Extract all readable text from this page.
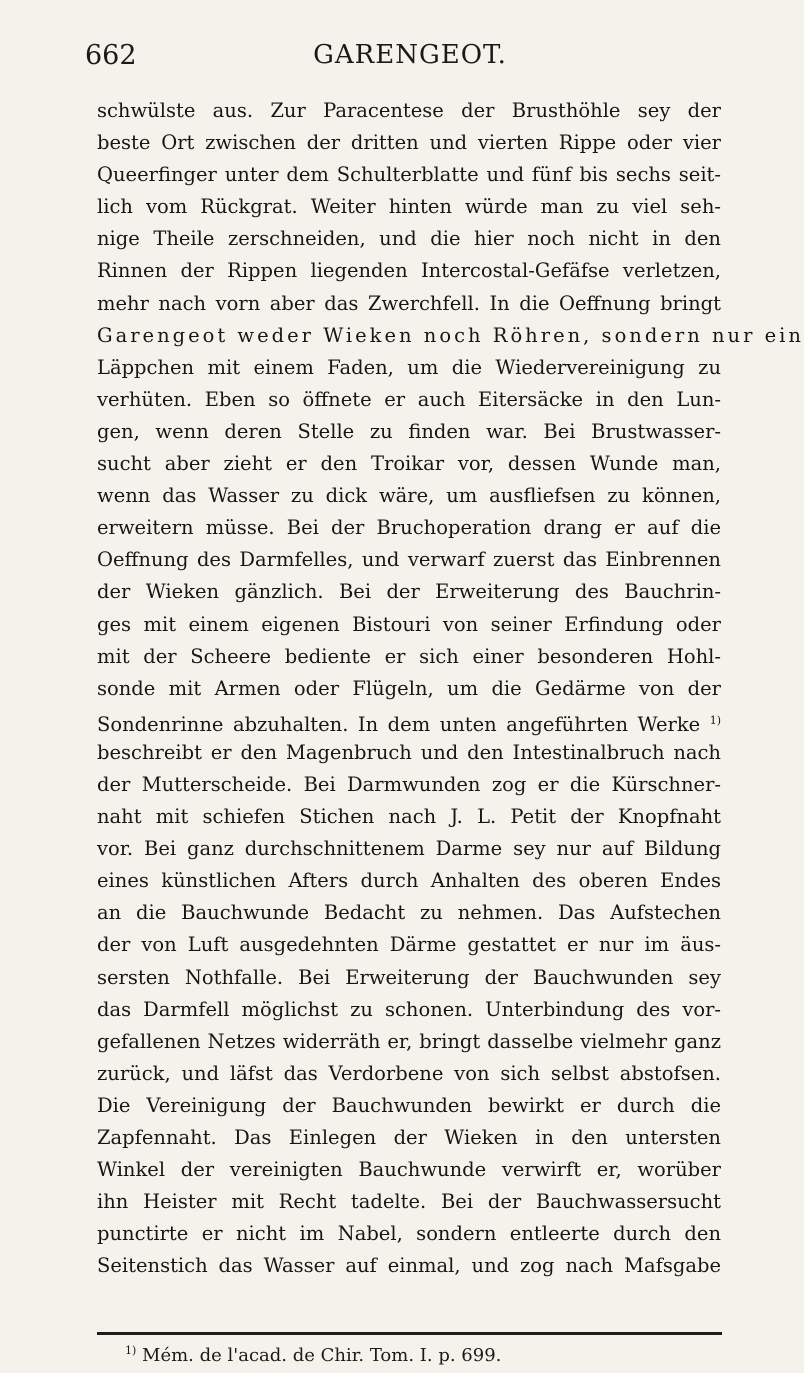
662	GARENGEOT.
schwülste aus. Zur Paracentese der Brusthöhle sey der
beste Ort zwischen der dritten und vierten Rippe oder vier
Queerfinger unter dem Schulterblatte und fünf bis sechs seit-
lich vom Rückgrat. Weiter hinten würde man zu viel seh-
nige Theile zerschneiden, und die hier noch nicht in den
Rinnen der Rippen liegenden Intercostal-Gefäfse verletzen,
mehr nach vorn aber das Zwerchfell. In die Oeffnung bringt
Garengeot weder Wieken noch Röhren, sondern nur ein
Läppchen mit einem Faden, um die Wiedervereinigung zu
verhüten. Eben so öffnete er auch Eitersäcke in den Lun-
gen, wenn deren Stelle zu finden war. Bei Brustwasser-
sucht aber zieht er den Troikar vor, dessen Wunde man,
wenn das Wasser zu dick wäre, um ausfliefsen zu können,
erweitern müsse. Bei der Bruchoperation drang er auf die
Oeffnung des Darmfelles, und verwarf zuerst das Einbrennen
der Wieken gänzlich. Bei der Erweiterung des Bauchrin-
ges mit einem eigenen Bistouri von seiner Erfindung oder
mit der Scheere bediente er sich einer besonderen Hohl-
sonde mit Armen oder Flügeln, um die Gedärme von der
Sondenrinne abzuhalten. In dem unten angeführten Werke $^{1)}$
beschreibt er den Magenbruch und den Intestinalbruch nach
der Mutterscheide. Bei Darmwunden zog er die Kürschner-
naht mit schiefen Stichen nach J. L. Petit der Knopfnaht
vor. Bei ganz durchschnittenem Darme sey nur auf Bildung
eines künstlichen Afters durch Anhalten des oberen Endes
an die Bauchwunde Bedacht zu nehmen. Das Aufstechen
der von Luft ausgedehnten Därme gestattet er nur im äus-
sersten Nothfalle. Bei Erweiterung der Bauchwunden sey
das Darmfell möglichst zu schonen. Unterbindung des vor-
gefallenen Netzes widerräth er, bringt dasselbe vielmehr ganz
zurück, und läfst das Verdorbene von sich selbst abstofsen.
Die Vereinigung der Bauchwunden bewirkt er durch die
Zapfennaht. Das Einlegen der Wieken in den untersten
Winkel der vereinigten Bauchwunde verwirft er, worüber
ihn Heister mit Recht tadelte. Bei der Bauchwassersucht
punctirte er nicht im Nabel, sondern entleerte durch den
Seitenstich das Wasser auf einmal, und zog nach Mafsgabe
$^{1)}$ Mém. de l'acad. de Chir. Tom. I. p. 699.
